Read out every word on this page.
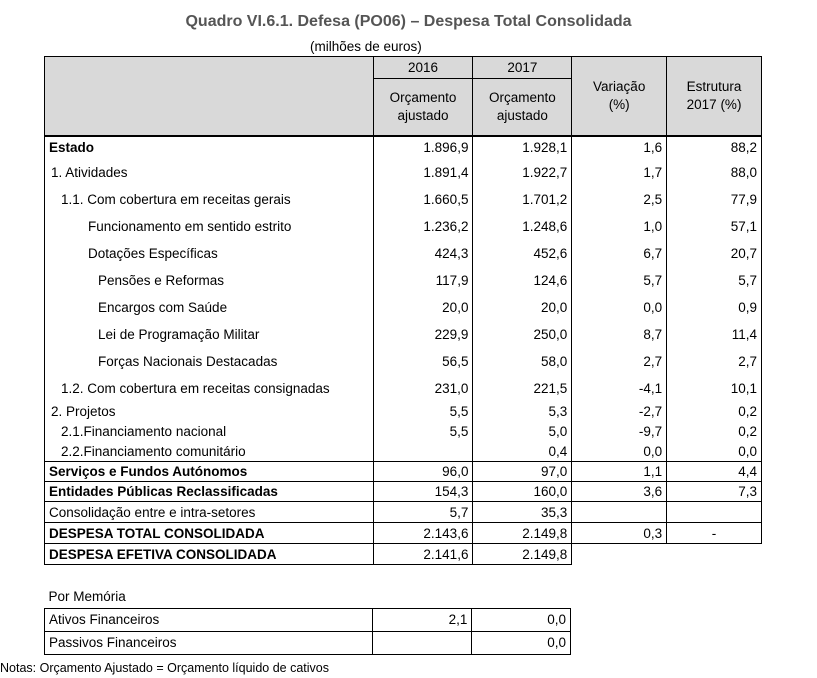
Quadro VI.6.1. Defesa (PO06) – Despesa Total Consolidada
(milhões de euros)
	2016	2017	Variação (%)	Estrutura 2017 (%)

	Orçamento ajustado	Orçamento ajustado		

Estado	1.896,9	1.928,1	1,6	88,2
1. Atividades	1.891,4	1.922,7	1,7	88,0
1.1. Com cobertura em receitas gerais	1.660,5	1.701,2	2,5	77,9
Funcionamento em sentido estrito	1.236,2	1.248,6	1,0	57,1
Dotações Específicas	424,3	452,6	6,7	20,7
Pensões e Reformas	117,9	124,6	5,7	5,7
Encargos com Saúde	20,0	20,0	0,0	0,9
Lei de Programação Militar	229,9	250,0	8,7	11,4
Forças Nacionais Destacadas	56,5	58,0	2,7	2,7
1.2. Com cobertura em receitas consignadas	231,0	221,5	-4,1	10,1
2. Projetos	5,5	5,3	-2,7	0,2
2.1.Financiamento nacional	5,5	5,0	-9,7	0,2
2.2.Financiamento comunitário		0,4	0,0	0,0
Serviços e Fundos Autónomos	96,0	97,0	1,1	4,4
Entidades Públicas Reclassificadas	154,3	160,0	3,6	7,3
Consolidação entre e intra-setores	5,7	35,3		
DESPESA TOTAL CONSOLIDADA	2.143,6	2.149,8	0,3	-
DESPESA EFETIVA CONSOLIDADA	2.141,6	2.149,8		
Por Memória		
Ativos Financeiros	2,1	0,0
Passivos Financeiros		0,0
Notas: Orçamento Ajustado = Orçamento líquido de cativos
